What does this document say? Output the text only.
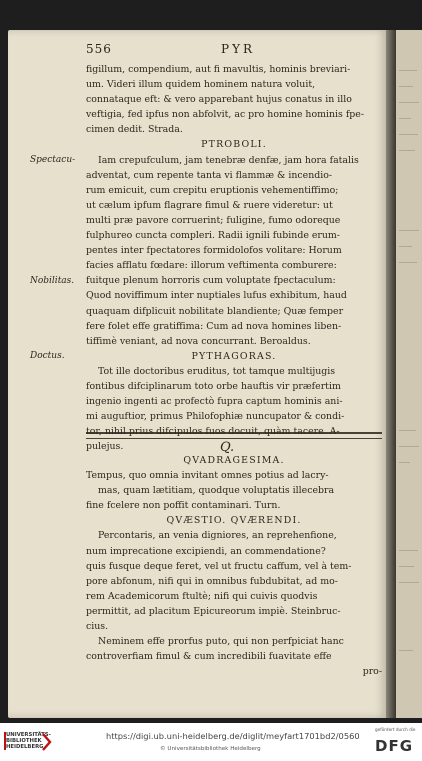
556	PYR
Spectacu-
Nobilitas.
Doctus.
figillum, compendium, aut fi mavultis, hominis breviari-
um. Videri illum quidem hominem natura voluit,
connataque eft: & vero apparebant hujus conatus in illo
veftigia, fed ipfus non abfolvit, ac pro homine hominis fpe-
cimen dedit. Strada.
PTROBOLI.
Iam crepufculum, jam tenebræ denfæ, jam hora fatalis
adventat, cum repente tanta vi flammæ & incendio-
rum emicuit, cum crepitu eruptionis vehementiffimo;
ut cælum ipfum flagrare fimul & ruere videretur: ut
multi præ pavore corruerint; fuligine, fumo odoreque
fulphureo cuncta compleri. Radii ignili fubinde erum-
pentes inter fpectatores formidolofos volitare: Horum
facies afflatu fœdare: illorum veftimenta comburere:
fuitque plenum horroris cum voluptate fpectaculum:
Quod noviffimum inter nuptiales lufus exhibitum, haud
quaquam difplicuit nobilitate blandiente; Quæ femper
fere folet effe gratiffima: Cum ad nova homines liben-
tiffimè veniant, ad nova concurrant. Beroaldus.
PYTHAGORAS.
Tot ille doctoribus eruditus, tot tamque multijugis
fontibus difciplinarum toto orbe hauftis vir præfertim
ingenio ingenti ac profectò fupra captum hominis ani-
mi auguftior, primus Philofophiæ nuncupator & condi-
tor, nihil prius difcipulos fuos docuit, quàm tacere. A-
pulejus.	Q.
QVADRAGESIMA.
Tempus, quo omnia invitant omnes potius ad lacry-
mas, quam lætitiam, quodque voluptatis illecebra
fine fcelere non poffit contaminari. Turn.
QVÆSTIO. QVÆRENDI.
Percontaris, an venia digniores, an reprehenfione,
num imprecatione excipiendi, an commendatione?
quis fusque deque feret, vel ut fructu caffum, vel à tem-
pore abfonum, nifi qui in omnibus fubdubitat, ad mo-
rem Academicorum ftultè; nifi qui cuivis quodvis
permittit, ad placitum Epicureorum impiè. Steinbruc-
cius.
Neminem effe prorfus puto, qui non perfpiciat hanc
controverfiam fimul & cum incredibili fuavitate effe
pro-
UNIVERSITÄTS-BIBLIOTHEK HEIDELBERG
https://digi.ub.uni-heidelberg.de/diglit/meyfart1701bd2/0560
© Universitätsbibliothek Heidelberg
gefördert durch die
DFG
